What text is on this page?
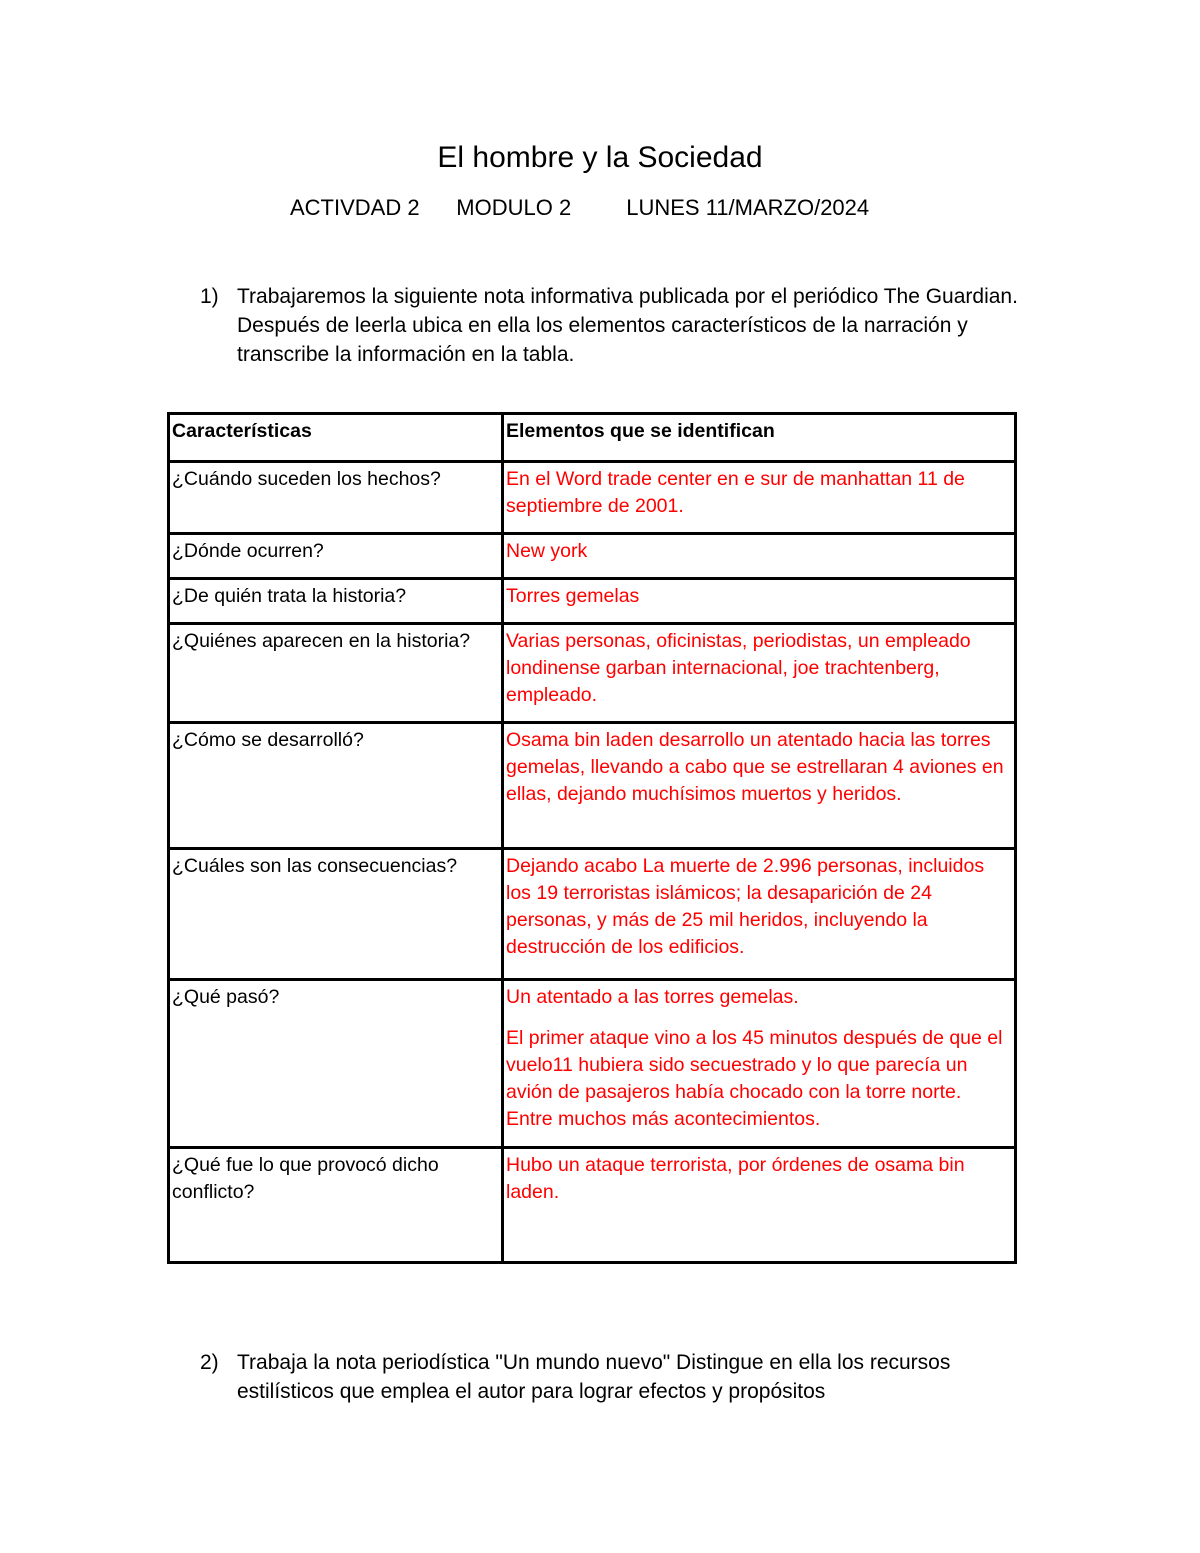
El hombre y la Sociedad
ACTIVDAD 2 MODULO 2	LUNES 11/MARZO/2024
1) Trabajaremos la siguiente nota informativa publicada por el periódico The Guardian. Después de leerla ubica en ella los elementos característicos de la narración y transcribe la información en la tabla.
Características	Elementos que se identifican
¿Cuándo suceden los hechos?	En el Word trade center en e sur de manhattan 11 de septiembre de 2001.
¿Dónde ocurren?	New york
¿De quién trata la historia?	Torres gemelas
¿Quiénes aparecen en la historia?	Varias personas, oficinistas, periodistas, un empleado londinense garban internacional, joe trachtenberg, empleado.
¿Cómo se desarrolló?	Osama bin laden desarrollo un atentado hacia las torres gemelas, llevando a cabo que se estrellaran 4 aviones en ellas, dejando muchísimos muertos y heridos.
¿Cuáles son las consecuencias?	Dejando acabo La muerte de 2.996 personas, incluidos los 19 terroristas islámicos; la desaparición de 24 personas, y más de 25 mil heridos, incluyendo la destrucción de los edificios.
¿Qué pasó?	Un atentado a las torres gemelas.
El primer ataque vino a los 45 minutos después de que el vuelo11 hubiera sido secuestrado y lo que parecía un avión de pasajeros había chocado con la torre norte. Entre muchos más acontecimientos.

¿Qué fue lo que provocó dicho conflicto?	Hubo un ataque terrorista, por órdenes de osama bin laden.
2) Trabaja la nota periodística "Un mundo nuevo" Distingue en ella los recursos estilísticos que emplea el autor para lograr efectos y propósitos
